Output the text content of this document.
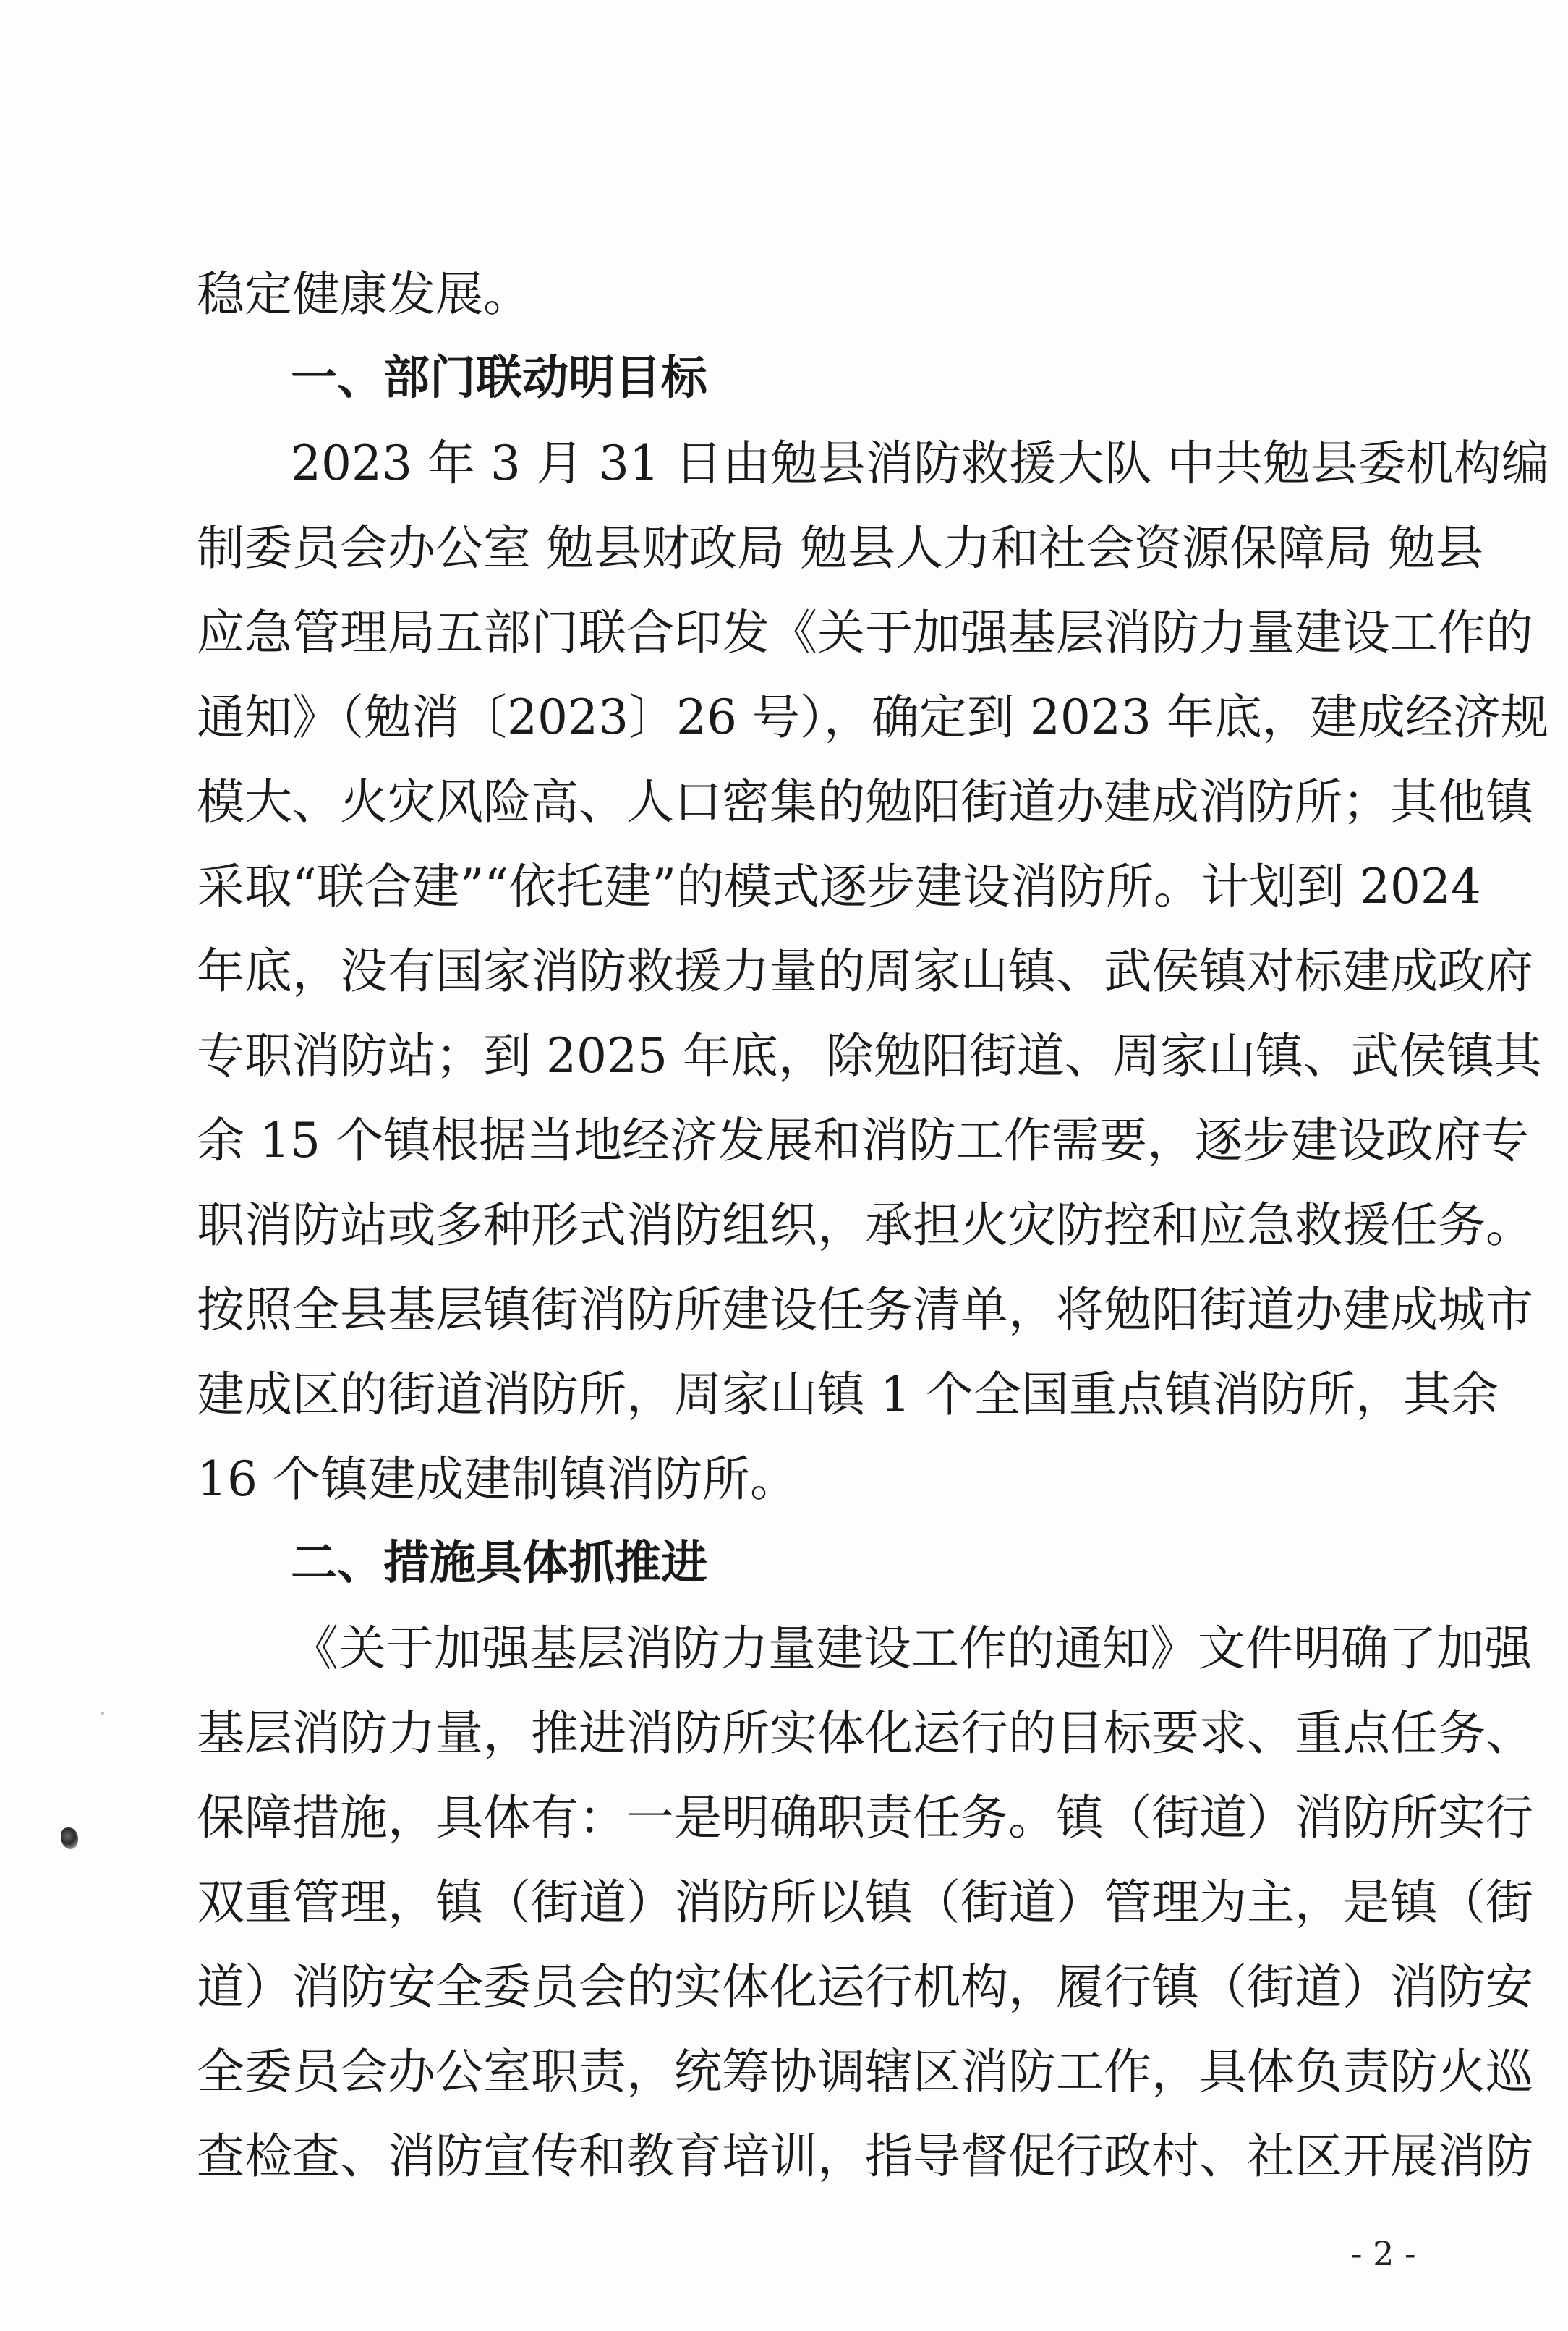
稳定健康发展。
一、部门联动明目标
2023 年 3 月 31 日由勉县消防救援大队 中共勉县委机构编
制委员会办公室 勉县财政局 勉县人力和社会资源保障局 勉县
应急管理局五部门联合印发《关于加强基层消防力量建设工作的
通知》（勉消〔2023〕26 号），确定到 2023 年底，建成经济规
模大、火灾风险高、人口密集的勉阳街道办建成消防所；其他镇
采取“联合建”“依托建”的模式逐步建设消防所。计划到 2024
年底，没有国家消防救援力量的周家山镇、武侯镇对标建成政府
专职消防站；到 2025 年底，除勉阳街道、周家山镇、武侯镇其
余 15 个镇根据当地经济发展和消防工作需要，逐步建设政府专
职消防站或多种形式消防组织，承担火灾防控和应急救援任务。
按照全县基层镇街消防所建设任务清单，将勉阳街道办建成城市
建成区的街道消防所，周家山镇 1 个全国重点镇消防所，其余
16 个镇建成建制镇消防所。
二、措施具体抓推进
《关于加强基层消防力量建设工作的通知》文件明确了加强
基层消防力量，推进消防所实体化运行的目标要求、重点任务、
保障措施，具体有：一是明确职责任务。镇（街道）消防所实行
双重管理，镇（街道）消防所以镇（街道）管理为主，是镇（街
道）消防安全委员会的实体化运行机构，履行镇（街道）消防安
全委员会办公室职责，统筹协调辖区消防工作，具体负责防火巡
查检查、消防宣传和教育培训，指导督促行政村、社区开展消防
- 2 -
